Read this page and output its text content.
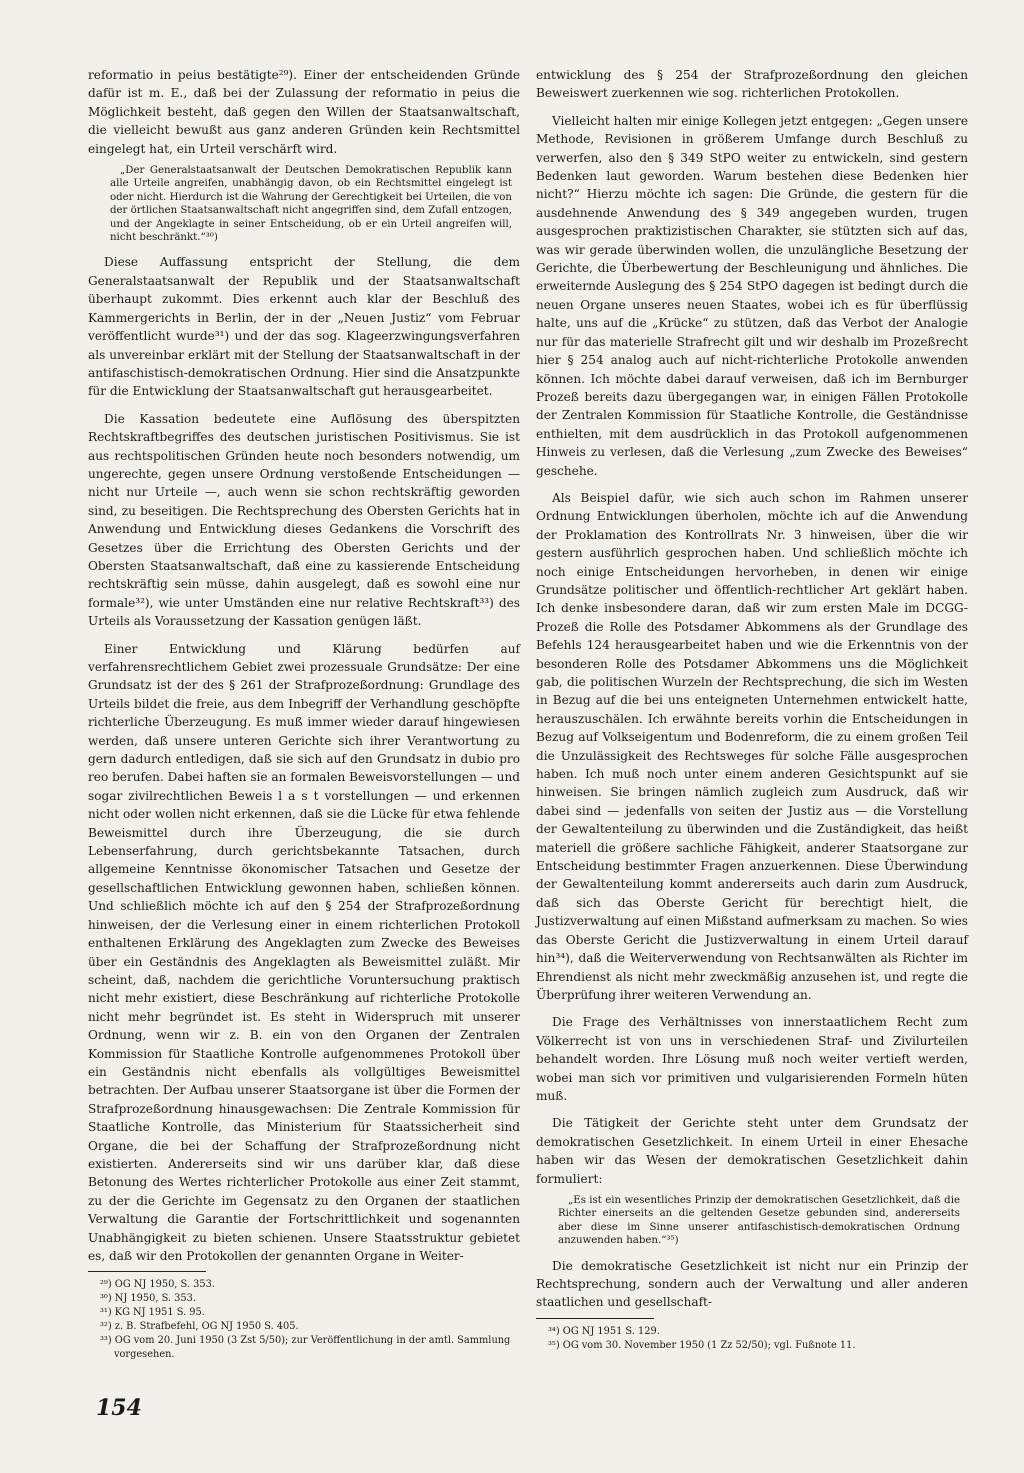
reformatio in peius bestätigte²⁹). Einer der entscheidenden Gründe dafür ist m. E., daß bei der Zulassung der reformatio in peius die Möglichkeit besteht, daß gegen den Willen der Staatsanwaltschaft, die vielleicht bewußt aus ganz anderen Gründen kein Rechtsmittel eingelegt hat, ein Urteil verschärft wird.

„Der Generalstaatsanwalt der Deutschen Demokratischen Republik kann alle Urteile angreifen, unabhängig davon, ob ein Rechtsmittel eingelegt ist oder nicht. Hierdurch ist die Wahrung der Gerechtigkeit bei Urteilen, die von der örtlichen Staatsanwaltschaft nicht angegriffen sind, dem Zufall entzogen, und der Angeklagte in seiner Entscheidung, ob er ein Urteil angreifen will, nicht beschränkt.“³⁰)

Diese Auffassung entspricht der Stellung, die dem Generalstaatsanwalt der Republik und der Staatsanwaltschaft überhaupt zukommt. Dies erkennt auch klar der Beschluß des Kammergerichts in Berlin, der in der „Neuen Justiz“ vom Februar veröffentlicht wurde³¹) und der das sog. Klageerzwingungsverfahren als unvereinbar erklärt mit der Stellung der Staatsanwaltschaft in der antifaschistisch-demokratischen Ordnung. Hier sind die Ansatzpunkte für die Entwicklung der Staatsanwaltschaft gut herausgearbeitet.

Die Kassation bedeutete eine Auflösung des überspitzten Rechtskraftbegriffes des deutschen juristischen Positivismus. Sie ist aus rechtspolitischen Gründen heute noch besonders notwendig, um ungerechte, gegen unsere Ordnung verstoßende Entscheidungen — nicht nur Urteile —, auch wenn sie schon rechtskräftig geworden sind, zu beseitigen. Die Rechtsprechung des Obersten Gerichts hat in Anwendung und Entwicklung dieses Gedankens die Vorschrift des Gesetzes über die Errichtung des Obersten Gerichts und der Obersten Staatsanwaltschaft, daß eine zu kassierende Entscheidung rechtskräftig sein müsse, dahin ausgelegt, daß es sowohl eine nur formale³²), wie unter Umständen eine nur relative Rechtskraft³³) des Urteils als Voraussetzung der Kassation genügen läßt.

Einer Entwicklung und Klärung bedürfen auf verfahrensrechtlichem Gebiet zwei prozessuale Grundsätze: Der eine Grundsatz ist der des § 261 der Strafprozeßordnung: Grundlage des Urteils bildet die freie, aus dem Inbegriff der Verhandlung geschöpfte richterliche Überzeugung. Es muß immer wieder darauf hingewiesen werden, daß unsere unteren Gerichte sich ihrer Verantwortung zu gern dadurch entledigen, daß sie sich auf den Grundsatz in dubio pro reo berufen. Dabei haften sie an formalen Beweisvorstellungen — und sogar zivilrechtlichen Beweis l a s t vorstellungen — und erkennen nicht oder wollen nicht erkennen, daß sie die Lücke für etwa fehlende Beweismittel durch ihre Überzeugung, die sie durch Lebenserfahrung, durch gerichtsbekannte Tatsachen, durch allgemeine Kenntnisse ökonomischer Tatsachen und Gesetze der gesellschaftlichen Entwicklung gewonnen haben, schließen können. Und schließlich möchte ich auf den § 254 der Strafprozeßordnung hinweisen, der die Verlesung einer in einem richterlichen Protokoll enthaltenen Erklärung des Angeklagten zum Zwecke des Beweises über ein Geständnis des Angeklagten als Beweismittel zuläßt. Mir scheint, daß, nachdem die gerichtliche Voruntersuchung praktisch nicht mehr existiert, diese Beschränkung auf richterliche Protokolle nicht mehr begründet ist. Es steht in Widerspruch mit unserer Ordnung, wenn wir z. B. ein von den Organen der Zentralen Kommission für Staatliche Kontrolle aufgenommenes Protokoll über ein Geständnis nicht ebenfalls als vollgültiges Beweismittel betrachten. Der Aufbau unserer Staatsorgane ist über die Formen der Strafprozeßordnung hinausgewachsen: Die Zentrale Kommission für Staatliche Kontrolle, das Ministerium für Staatssicherheit sind Organe, die bei der Schaffung der Strafprozeßordnung nicht existierten. Andererseits sind wir uns darüber klar, daß diese Betonung des Wertes richterlicher Protokolle aus einer Zeit stammt, zu der die Gerichte im Gegensatz zu den Organen der staatlichen Verwaltung die Garantie der Fortschrittlichkeit und sogenannten Unabhängigkeit zu bieten schienen. Unsere Staatsstruktur gebietet es, daß wir den Protokollen der genannten Organe in Weiter-

²⁹) OG NJ 1950, S. 353.

³⁰) NJ 1950, S. 353.

³¹) KG NJ 1951 S. 95.

³²) z. B. Strafbefehl, OG NJ 1950 S. 405.

³³) OG vom 20. Juni 1950 (3 Zst 5/50); zur Veröffentlichung in der amtl. Sammlung vorgesehen.

entwicklung des § 254 der Strafprozeßordnung den gleichen Beweiswert zuerkennen wie sog. richterlichen Protokollen.

Vielleicht halten mir einige Kollegen jetzt entgegen: „Gegen unsere Methode, Revisionen in größerem Umfange durch Beschluß zu verwerfen, also den § 349 StPO weiter zu entwickeln, sind gestern Bedenken laut geworden. Warum bestehen diese Bedenken hier nicht?“ Hierzu möchte ich sagen: Die Gründe, die gestern für die ausdehnende Anwendung des § 349 angegeben wurden, trugen ausgesprochen praktizistischen Charakter, sie stützten sich auf das, was wir gerade überwinden wollen, die unzulängliche Besetzung der Gerichte, die Überbewertung der Beschleunigung und ähnliches. Die erweiternde Auslegung des § 254 StPO dagegen ist bedingt durch die neuen Organe unseres neuen Staates, wobei ich es für überflüssig halte, uns auf die „Krücke“ zu stützen, daß das Verbot der Analogie nur für das materielle Strafrecht gilt und wir deshalb im Prozeßrecht hier § 254 analog auch auf nicht-richterliche Protokolle anwenden können. Ich möchte dabei darauf verweisen, daß ich im Bernburger Prozeß bereits dazu übergegangen war, in einigen Fällen Protokolle der Zentralen Kommission für Staatliche Kontrolle, die Geständnisse enthielten, mit dem ausdrücklich in das Protokoll aufgenommenen Hinweis zu verlesen, daß die Verlesung „zum Zwecke des Beweises“ geschehe.

Als Beispiel dafür, wie sich auch schon im Rahmen unserer Ordnung Entwicklungen überholen, möchte ich auf die Anwendung der Proklamation des Kontrollrats Nr. 3 hinweisen, über die wir gestern ausführlich gesprochen haben. Und schließlich möchte ich noch einige Entscheidungen hervorheben, in denen wir einige Grundsätze politischer und öffentlich-rechtlicher Art geklärt haben. Ich denke insbesondere daran, daß wir zum ersten Male im DCGG-Prozeß die Rolle des Potsdamer Abkommens als der Grundlage des Befehls 124 herausgearbeitet haben und wie die Erkenntnis von der besonderen Rolle des Potsdamer Abkommens uns die Möglichkeit gab, die politischen Wurzeln der Rechtsprechung, die sich im Westen in Bezug auf die bei uns enteigneten Unternehmen entwickelt hatte, herauszuschälen. Ich erwähnte bereits vorhin die Entscheidungen in Bezug auf Volkseigentum und Bodenreform, die zu einem großen Teil die Unzulässigkeit des Rechtsweges für solche Fälle ausgesprochen haben. Ich muß noch unter einem anderen Gesichtspunkt auf sie hinweisen. Sie bringen nämlich zugleich zum Ausdruck, daß wir dabei sind — jedenfalls von seiten der Justiz aus — die Vorstellung der Gewaltenteilung zu überwinden und die Zuständigkeit, das heißt materiell die größere sachliche Fähigkeit, anderer Staatsorgane zur Entscheidung bestimmter Fragen anzuerkennen. Diese Überwindung der Gewaltenteilung kommt andererseits auch darin zum Ausdruck, daß sich das Oberste Gericht für berechtigt hielt, die Justizverwaltung auf einen Mißstand aufmerksam zu machen. So wies das Oberste Gericht die Justizverwaltung in einem Urteil darauf hin³⁴), daß die Weiterverwendung von Rechtsanwälten als Richter im Ehrendienst als nicht mehr zweckmäßig anzusehen ist, und regte die Überprüfung ihrer weiteren Verwendung an.

Die Frage des Verhältnisses von innerstaatlichem Recht zum Völkerrecht ist von uns in verschiedenen Straf- und Zivilurteilen behandelt worden. Ihre Lösung muß noch weiter vertieft werden, wobei man sich vor primitiven und vulgarisierenden Formeln hüten muß.

Die Tätigkeit der Gerichte steht unter dem Grundsatz der demokratischen Gesetzlichkeit. In einem Urteil in einer Ehesache haben wir das Wesen der demokratischen Gesetzlichkeit dahin formuliert:

„Es ist ein wesentliches Prinzip der demokratischen Gesetzlichkeit, daß die Richter einerseits an die geltenden Gesetze gebunden sind, andererseits aber diese im Sinne unserer antifaschistisch-demokratischen Ordnung anzuwenden haben.“³⁵)

Die demokratische Gesetzlichkeit ist nicht nur ein Prinzip der Rechtsprechung, sondern auch der Verwaltung und aller anderen staatlichen und gesellschaft-

³⁴) OG NJ 1951 S. 129.

³⁵) OG vom 30. November 1950 (1 Zz 52/50); vgl. Fußnote 11.

154
